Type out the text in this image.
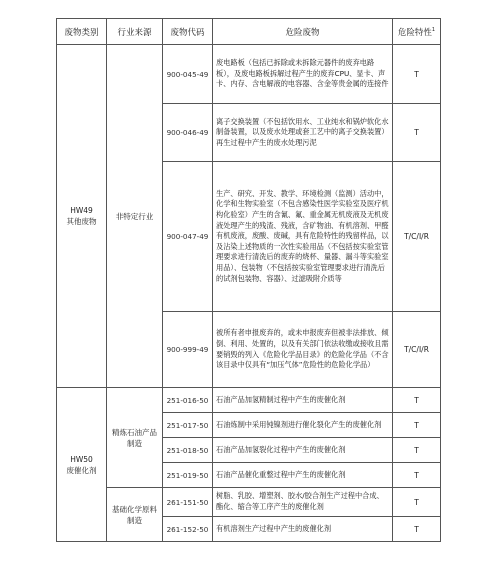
废物类别	行业来源	废物代码	危险废物	危险特性$^1$

HW49
其他废物	非特定行业	900-045-49	废电路板（包括已拆除或未拆除元器件的废弃电路板），及废电路板拆解过程产生的废弃CPU、显卡、声卡、内存、含电解液的电容器、含金等贵金属的连接件	T
		900-046-49	离子交换装置（不包括饮用水、工业纯水和锅炉软化水制备装置，以及废水处理或套工艺中的离子交换装置）再生过程中产生的废水处理污泥	T
		900-047-49	生产、研究、开发、教学、环境检测（监测）活动中，化学和生物实验室（不包含感染性医学实验室及医疗机构化验室）产生的含氰、氟、重金属无机废液及无机废液处理产生的残渣、残液，含矿物油、有机溶剂、甲醛有机废液，废酸、废碱，具有危险特性的残留样品，以及沾染上述物质的一次性实验用品（不包括按实验室管理要求进行清洗后的废弃的烧杯、量器、漏斗等实验室用品）、包装物（不包括按实验室管理要求进行清洗后的试剂包装物、容器）、过滤吸附介质等	T/C/I/R
		900-999-49	被所有者申报废弃的，或未申报废弃但被非法排放、倾倒、利用、处置的，以及有关部门依法收缴或接收且需要销毁的列入《危险化学品目录》的危险化学品（不含该目录中仅具有“加压气体”危险性的危险化学品）	T/C/I/R

HW50
废催化剂	精炼石油产品制造	251-016-50	石油产品加氢精制过程中产生的废催化剂	T
		251-017-50	石油炼制中采用钝镍剂进行催化裂化产生的废催化剂	T
		251-018-50	石油产品加氢裂化过程中产生的废催化剂	T
		251-019-50	石油产品催化重整过程中产生的废催化剂	T
	基础化学原料制造	261-151-50	树脂、乳胶、增塑剂、胶水/胶合剂生产过程中合成、酯化、缩合等工序产生的废催化剂	T
		261-152-50	有机溶剂生产过程中产生的废催化剂	T
